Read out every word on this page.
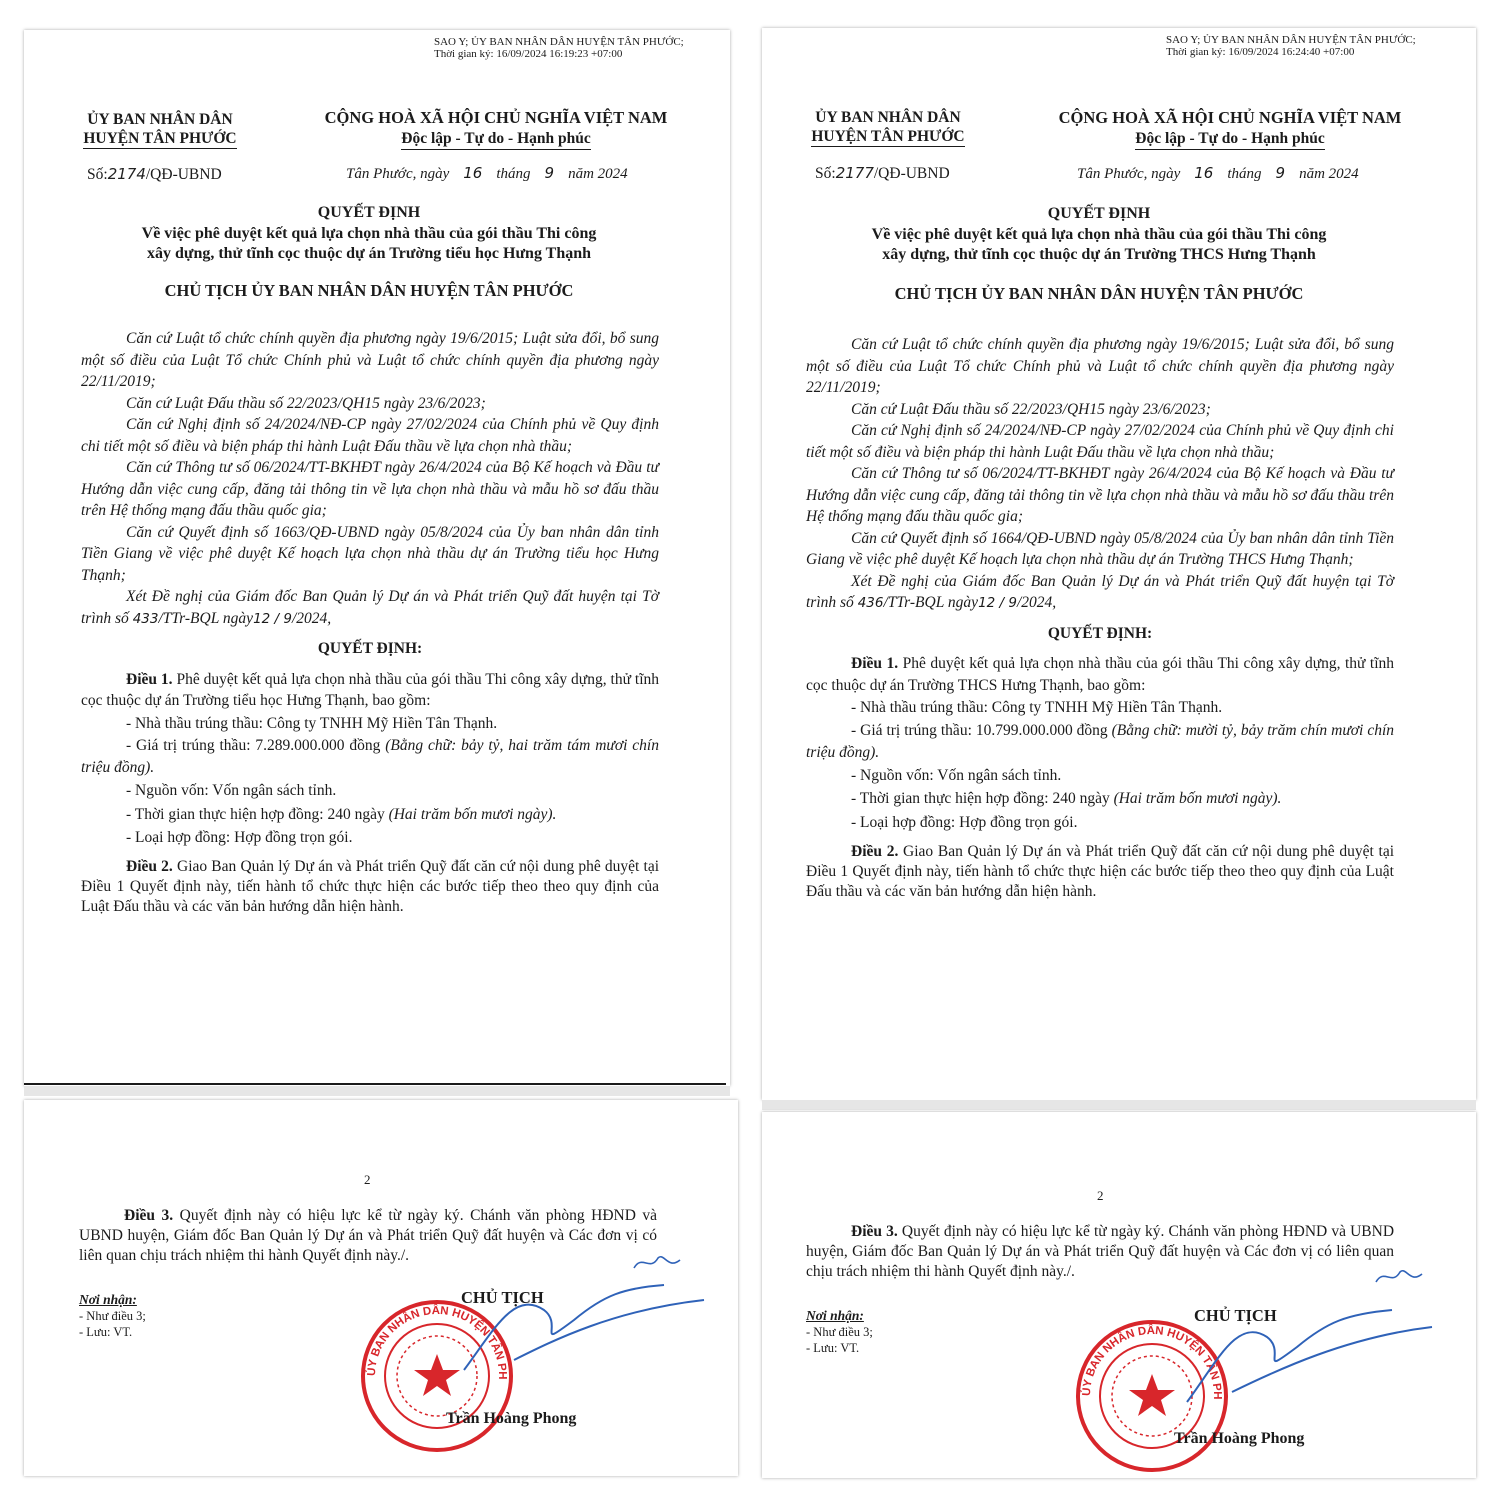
SAO Y; ỦY BAN NHÂN DÂN HUYỆN TÂN PHƯỚC;
Thời gian ký: 16/09/2024 16:19:23 +07:00
ỦY BAN NHÂN DÂN
HUYỆN TÂN PHƯỚC
CỘNG HOÀ XÃ HỘI CHỦ NGHĨA VIỆT NAM
Độc lập - Tự do - Hạnh phúc
Số:2174/QĐ-UBND	Tân Phước, ngày 16 tháng 9 năm 2024
QUYẾT ĐỊNH
Về việc phê duyệt kết quả lựa chọn nhà thầu của gói thầu Thi công
xây dựng, thử tĩnh cọc thuộc dự án Trường tiểu học Hưng Thạnh
CHỦ TỊCH ỦY BAN NHÂN DÂN HUYỆN TÂN PHƯỚC

Căn cứ Luật tổ chức chính quyền địa phương ngày 19/6/2015; Luật sửa đổi, bổ sung một số điều của Luật Tổ chức Chính phủ và Luật tổ chức chính quyền địa phương ngày 22/11/2019;

Căn cứ Luật Đấu thầu số 22/2023/QH15 ngày 23/6/2023;

Căn cứ Nghị định số 24/2024/NĐ-CP ngày 27/02/2024 của Chính phủ về Quy định chi tiết một số điều và biện pháp thi hành Luật Đấu thầu về lựa chọn nhà thầu;

Căn cứ Thông tư số 06/2024/TT-BKHĐT ngày 26/4/2024 của Bộ Kế hoạch và Đầu tư Hướng dẫn việc cung cấp, đăng tải thông tin về lựa chọn nhà thầu và mẫu hồ sơ đấu thầu trên Hệ thống mạng đấu thầu quốc gia;

Căn cứ Quyết định số 1663/QĐ-UBND ngày 05/8/2024 của Ủy ban nhân dân tỉnh Tiền Giang về việc phê duyệt Kế hoạch lựa chọn nhà thầu dự án Trường tiểu học Hưng Thạnh;

Xét Đề nghị của Giám đốc Ban Quản lý Dự án và Phát triển Quỹ đất huyện tại Tờ trình số 433/TTr-BQL ngày12 / 9/2024,

QUYẾT ĐỊNH:

Điều 1. Phê duyệt kết quả lựa chọn nhà thầu của gói thầu Thi công xây dựng, thử tĩnh cọc thuộc dự án Trường tiểu học Hưng Thạnh, bao gồm:

- Nhà thầu trúng thầu: Công ty TNHH Mỹ Hiền Tân Thạnh.

- Giá trị trúng thầu: 7.289.000.000 đồng (Bằng chữ: bảy tỷ, hai trăm tám mươi chín triệu đồng).

- Nguồn vốn: Vốn ngân sách tỉnh.

- Thời gian thực hiện hợp đồng: 240 ngày (Hai trăm bốn mươi ngày).

- Loại hợp đồng: Hợp đồng trọn gói.

Điều 2. Giao Ban Quản lý Dự án và Phát triển Quỹ đất căn cứ nội dung phê duyệt tại Điều 1 Quyết định này, tiến hành tổ chức thực hiện các bước tiếp theo theo quy định của Luật Đấu thầu và các văn bản hướng dẫn hiện hành.

2

Điều 3. Quyết định này có hiệu lực kể từ ngày ký. Chánh văn phòng HĐND và UBND huyện, Giám đốc Ban Quản lý Dự án và Phát triển Quỹ đất huyện và Các đơn vị có liên quan chịu trách nhiệm thi hành Quyết định này./.

Nơi nhận:
- Như điều 3;
- Lưu: VT.
CHỦ TỊCH
ỦY BAN NHÂN DÂN HUYỆN TÂN PHƯỚC TỈNH TIỀN GIANG
Trần Hoàng Phong
SAO Y; ỦY BAN NHÂN DÂN HUYỆN TÂN PHƯỚC;
Thời gian ký: 16/09/2024 16:24:40 +07:00
ỦY BAN NHÂN DÂN
HUYỆN TÂN PHƯỚC
CỘNG HOÀ XÃ HỘI CHỦ NGHĨA VIỆT NAM
Độc lập - Tự do - Hạnh phúc
Số:2177/QĐ-UBND	Tân Phước, ngày 16 tháng 9 năm 2024
QUYẾT ĐỊNH
Về việc phê duyệt kết quả lựa chọn nhà thầu của gói thầu Thi công
xây dựng, thử tĩnh cọc thuộc dự án Trường THCS Hưng Thạnh
CHỦ TỊCH ỦY BAN NHÂN DÂN HUYỆN TÂN PHƯỚC

Căn cứ Luật tổ chức chính quyền địa phương ngày 19/6/2015; Luật sửa đổi, bổ sung một số điều của Luật Tổ chức Chính phủ và Luật tổ chức chính quyền địa phương ngày 22/11/2019;

Căn cứ Luật Đấu thầu số 22/2023/QH15 ngày 23/6/2023;

Căn cứ Nghị định số 24/2024/NĐ-CP ngày 27/02/2024 của Chính phủ về Quy định chi tiết một số điều và biện pháp thi hành Luật Đấu thầu về lựa chọn nhà thầu;

Căn cứ Thông tư số 06/2024/TT-BKHĐT ngày 26/4/2024 của Bộ Kế hoạch và Đầu tư Hướng dẫn việc cung cấp, đăng tải thông tin về lựa chọn nhà thầu và mẫu hồ sơ đấu thầu trên Hệ thống mạng đấu thầu quốc gia;

Căn cứ Quyết định số 1664/QĐ-UBND ngày 05/8/2024 của Ủy ban nhân dân tỉnh Tiền Giang về việc phê duyệt Kế hoạch lựa chọn nhà thầu dự án Trường THCS Hưng Thạnh;

Xét Đề nghị của Giám đốc Ban Quản lý Dự án và Phát triển Quỹ đất huyện tại Tờ trình số 436/TTr-BQL ngày12 / 9/2024,

QUYẾT ĐỊNH:

Điều 1. Phê duyệt kết quả lựa chọn nhà thầu của gói thầu Thi công xây dựng, thử tĩnh cọc thuộc dự án Trường THCS Hưng Thạnh, bao gồm:

- Nhà thầu trúng thầu: Công ty TNHH Mỹ Hiền Tân Thạnh.

- Giá trị trúng thầu: 10.799.000.000 đồng (Bằng chữ: mười tỷ, bảy trăm chín mươi chín triệu đồng).

- Nguồn vốn: Vốn ngân sách tỉnh.

- Thời gian thực hiện hợp đồng: 240 ngày (Hai trăm bốn mươi ngày).

- Loại hợp đồng: Hợp đồng trọn gói.

Điều 2. Giao Ban Quản lý Dự án và Phát triển Quỹ đất căn cứ nội dung phê duyệt tại Điều 1 Quyết định này, tiến hành tổ chức thực hiện các bước tiếp theo theo quy định của Luật Đấu thầu và các văn bản hướng dẫn hiện hành.

2

Điều 3. Quyết định này có hiệu lực kể từ ngày ký. Chánh văn phòng HĐND và UBND huyện, Giám đốc Ban Quản lý Dự án và Phát triển Quỹ đất huyện và Các đơn vị có liên quan chịu trách nhiệm thi hành Quyết định này./.

Nơi nhận:
- Như điều 3;
- Lưu: VT.
CHỦ TỊCH
ỦY BAN NHÂN DÂN HUYỆN TÂN PHƯỚC TỈNH TIỀN GIANG
Trần Hoàng Phong
